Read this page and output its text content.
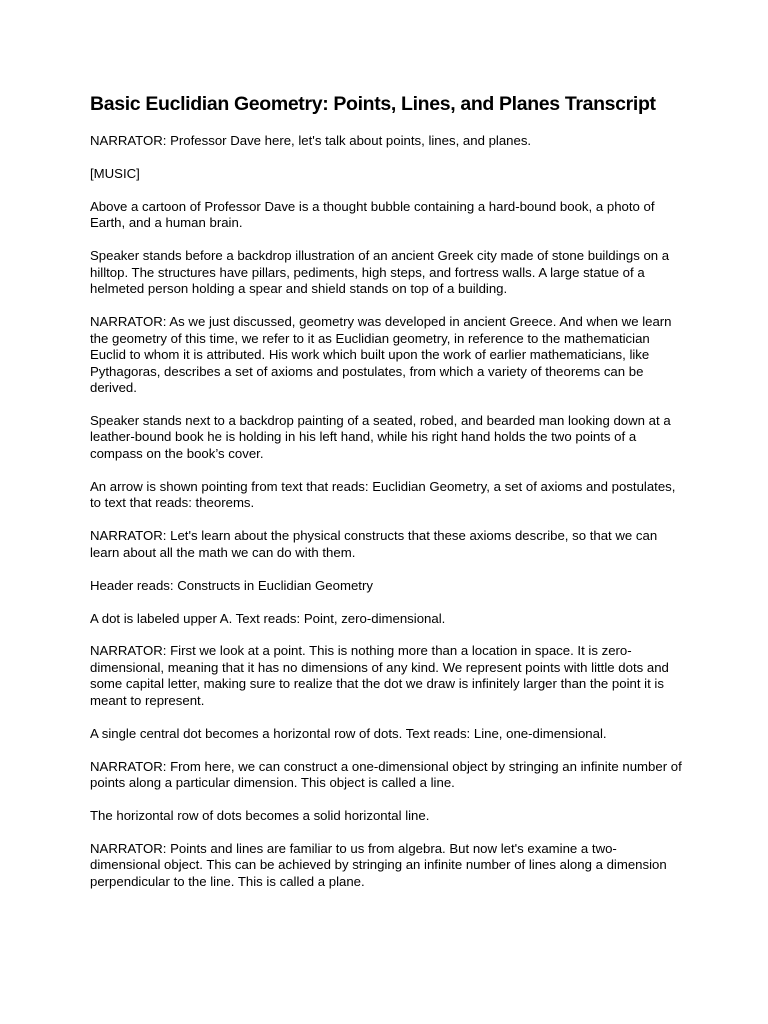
Basic Euclidian Geometry: Points, Lines, and Planes Transcript

NARRATOR: Professor Dave here, let's talk about points, lines, and planes.

[MUSIC]

Above a cartoon of Professor Dave is a thought bubble containing a hard-bound book, a photo of Earth, and a human brain.

Speaker stands before a backdrop illustration of an ancient Greek city made of stone buildings on a hilltop. The structures have pillars, pediments, high steps, and fortress walls. A large statue of a helmeted person holding a spear and shield stands on top of a building.

NARRATOR: As we just discussed, geometry was developed in ancient Greece. And when we learn the geometry of this time, we refer to it as Euclidian geometry, in reference to the mathematician Euclid to whom it is attributed. His work which built upon the work of earlier mathematicians, like Pythagoras, describes a set of axioms and postulates, from which a variety of theorems can be derived.

Speaker stands next to a backdrop painting of a seated, robed, and bearded man looking down at a leather-bound book he is holding in his left hand, while his right hand holds the two points of a compass on the book’s cover.

An arrow is shown pointing from text that reads: Euclidian Geometry, a set of axioms and postulates, to text that reads: theorems.

NARRATOR: Let's learn about the physical constructs that these axioms describe, so that we can learn about all the math we can do with them.

Header reads: Constructs in Euclidian Geometry

A dot is labeled upper A. Text reads: Point, zero-dimensional.

NARRATOR: First we look at a point. This is nothing more than a location in space. It is zero-dimensional, meaning that it has no dimensions of any kind. We represent points with little dots and some capital letter, making sure to realize that the dot we draw is infinitely larger than the point it is meant to represent.

A single central dot becomes a horizontal row of dots. Text reads: Line, one-dimensional.

NARRATOR: From here, we can construct a one-dimensional object by stringing an infinite number of points along a particular dimension. This object is called a line.

The horizontal row of dots becomes a solid horizontal line.

NARRATOR: Points and lines are familiar to us from algebra. But now let's examine a two-dimensional object. This can be achieved by stringing an infinite number of lines along a dimension perpendicular to the line. This is called a plane.
